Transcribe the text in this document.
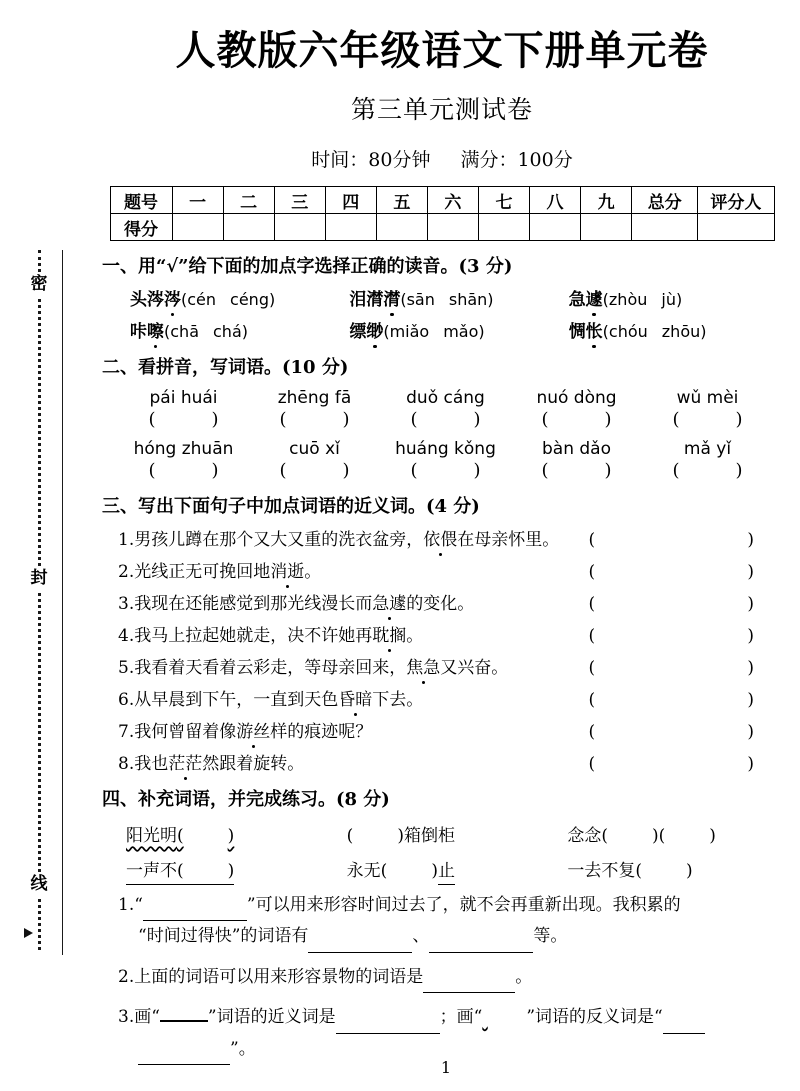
密
封
线
人教版六年级语文下册单元卷
第三单元测试卷
时间：80分钟 满分：100分
题号	一	二	三	四	五	六	七	八	九	总分	评分人
得分											
一、用“√”给下面的加点字选择正确的读音。(3 分)
头涔涔(cén céng)	泪潸潸(sān shān)	急遽(zhòu jù)
咔嚓(chā chá)	缥缈(miǎo mǎo)	惆怅(chóu zhōu)
二、看拼音，写词语。(10 分)
pái huái	zhēng fā	duǒ cáng	nuó dòng	wǔ mèi
(	)	(	)	(	)	(	)	(	)
hóng zhuān	cuō xǐ	huáng kǒng	bàn dǎo	mǎ yǐ
(	)	(	)	(	)	(	)	(	)
三、写出下面句子中加点词语的近义词。(4 分)
1.男孩儿蹲在那个又大又重的洗衣盆旁，依偎在母亲怀里。 (   )
2.光线正无可挽回地消逝。	(   )
3.我现在还能感觉到那光线漫长而急遽的变化。	(   )
4.我马上拉起她就走，决不许她再耽搁。	(   )
5.我看着天看着云彩走，等母亲回来，焦急又兴奋。	(   )
6.从早晨到下午，一直到天色昏暗下去。	(   )
7.我何曾留着像游丝样的痕迹呢？	(   )
8.我也茫茫然跟着旋转。	(   )
四、补充词语，并完成练习。(8 分)
阳光明(	)	(	)箱倒柜	念念(	)(	)
一声不(	)	永无(	)止	一去不复(	)
1.“	”可以用来形容时间过去了，就不会再重新出现。我积累的
“时间过得快”的词语有	、	等。
2.上面的词语可以用来形容景物的词语是	。
3.画“	”词语的近义词是	；画“	”词语的反义词是“
”。
1
